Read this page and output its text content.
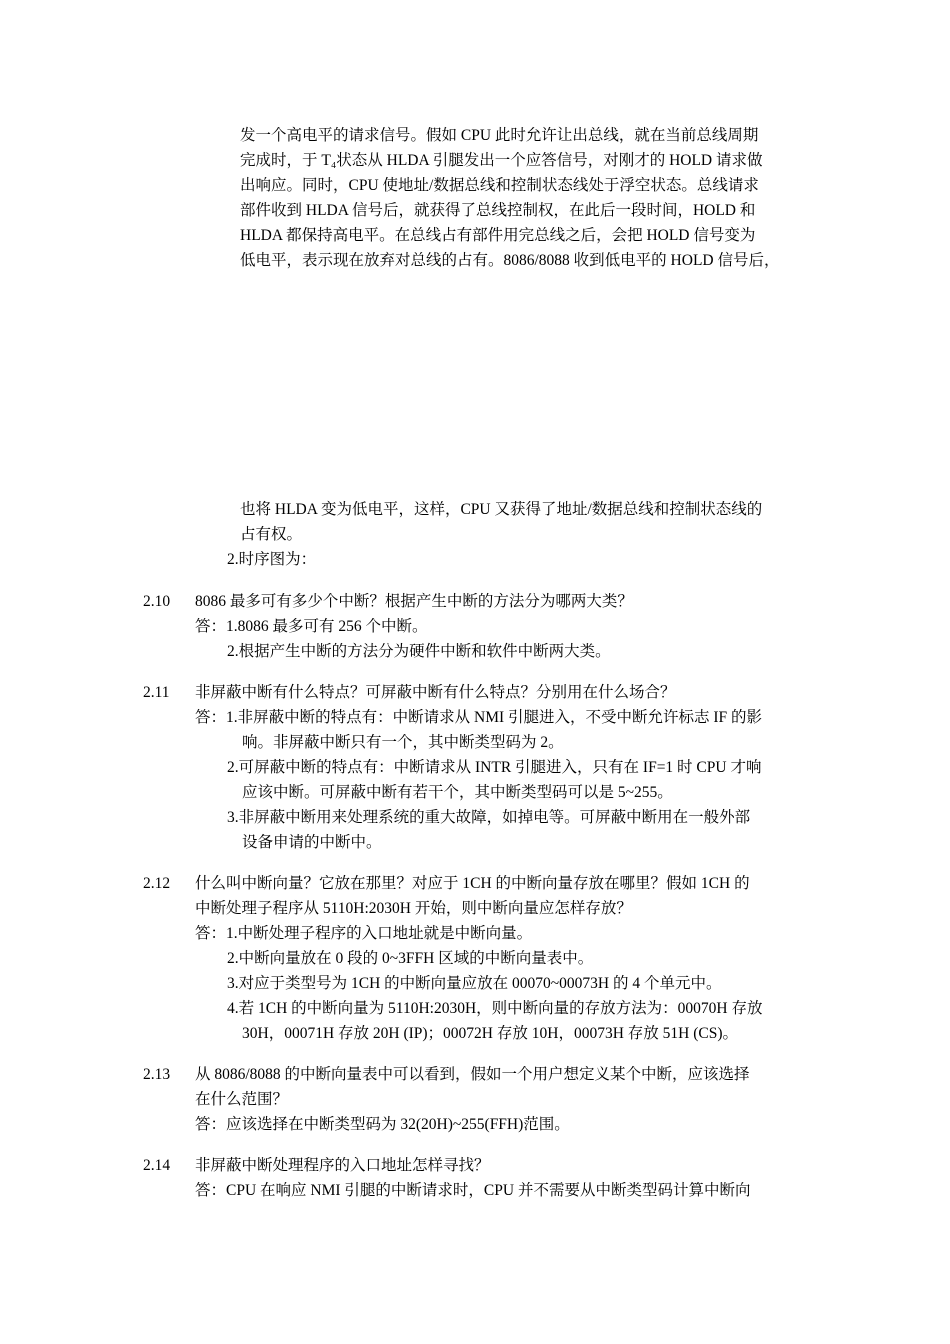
发一个高电平的请求信号。假如 CPU 此时允许让出总线，就在当前总线周期
完成时，于 T₄状态从 HLDA 引腿发出一个应答信号，对刚才的 HOLD 请求做
出响应。同时，CPU 使地址/数据总线和控制状态线处于浮空状态。总线请求
部件收到 HLDA 信号后，就获得了总线控制权，在此后一段时间，HOLD 和
HLDA 都保持高电平。在总线占有部件用完总线之后，会把 HOLD 信号变为
低电平，表示现在放弃对总线的占有。8086/8088 收到低电平的 HOLD 信号后，
也将 HLDA 变为低电平，这样，CPU 又获得了地址/数据总线和控制状态线的
占有权。
2.时序图为：
2.10 8086 最多可有多少个中断？根据产生中断的方法分为哪两大类？
答：1.8086 最多可有 256 个中断。
2.根据产生中断的方法分为硬件中断和软件中断两大类。
2.11 非屏蔽中断有什么特点？可屏蔽中断有什么特点？分别用在什么场合？
答：1.非屏蔽中断的特点有：中断请求从 NMI 引腿进入，不受中断允许标志 IF 的影
响。非屏蔽中断只有一个，其中断类型码为 2。
2.可屏蔽中断的特点有：中断请求从 INTR 引腿进入，只有在 IF=1 时 CPU 才响
应该中断。可屏蔽中断有若干个，其中断类型码可以是 5~255。
3.非屏蔽中断用来处理系统的重大故障，如掉电等。可屏蔽中断用在一般外部
设备申请的中断中。
2.12 什么叫中断向量？它放在那里？对应于 1CH 的中断向量存放在哪里？假如 1CH 的
中断处理子程序从 5110H:2030H 开始，则中断向量应怎样存放？
答：1.中断处理子程序的入口地址就是中断向量。
2.中断向量放在 0 段的 0~3FFH 区域的中断向量表中。
3.对应于类型号为 1CH 的中断向量应放在 00070~00073H 的 4 个单元中。
4.若 1CH 的中断向量为 5110H:2030H，则中断向量的存放方法为：00070H 存放
30H，00071H 存放 20H (IP)；00072H 存放 10H，00073H 存放 51H (CS)。
2.13 从 8086/8088 的中断向量表中可以看到，假如一个用户想定义某个中断，应该选择
在什么范围？
答：应该选择在中断类型码为 32(20H)~255(FFH)范围。
2.14 非屏蔽中断处理程序的入口地址怎样寻找？
答：CPU 在响应 NMI 引腿的中断请求时，CPU 并不需要从中断类型码计算中断向
